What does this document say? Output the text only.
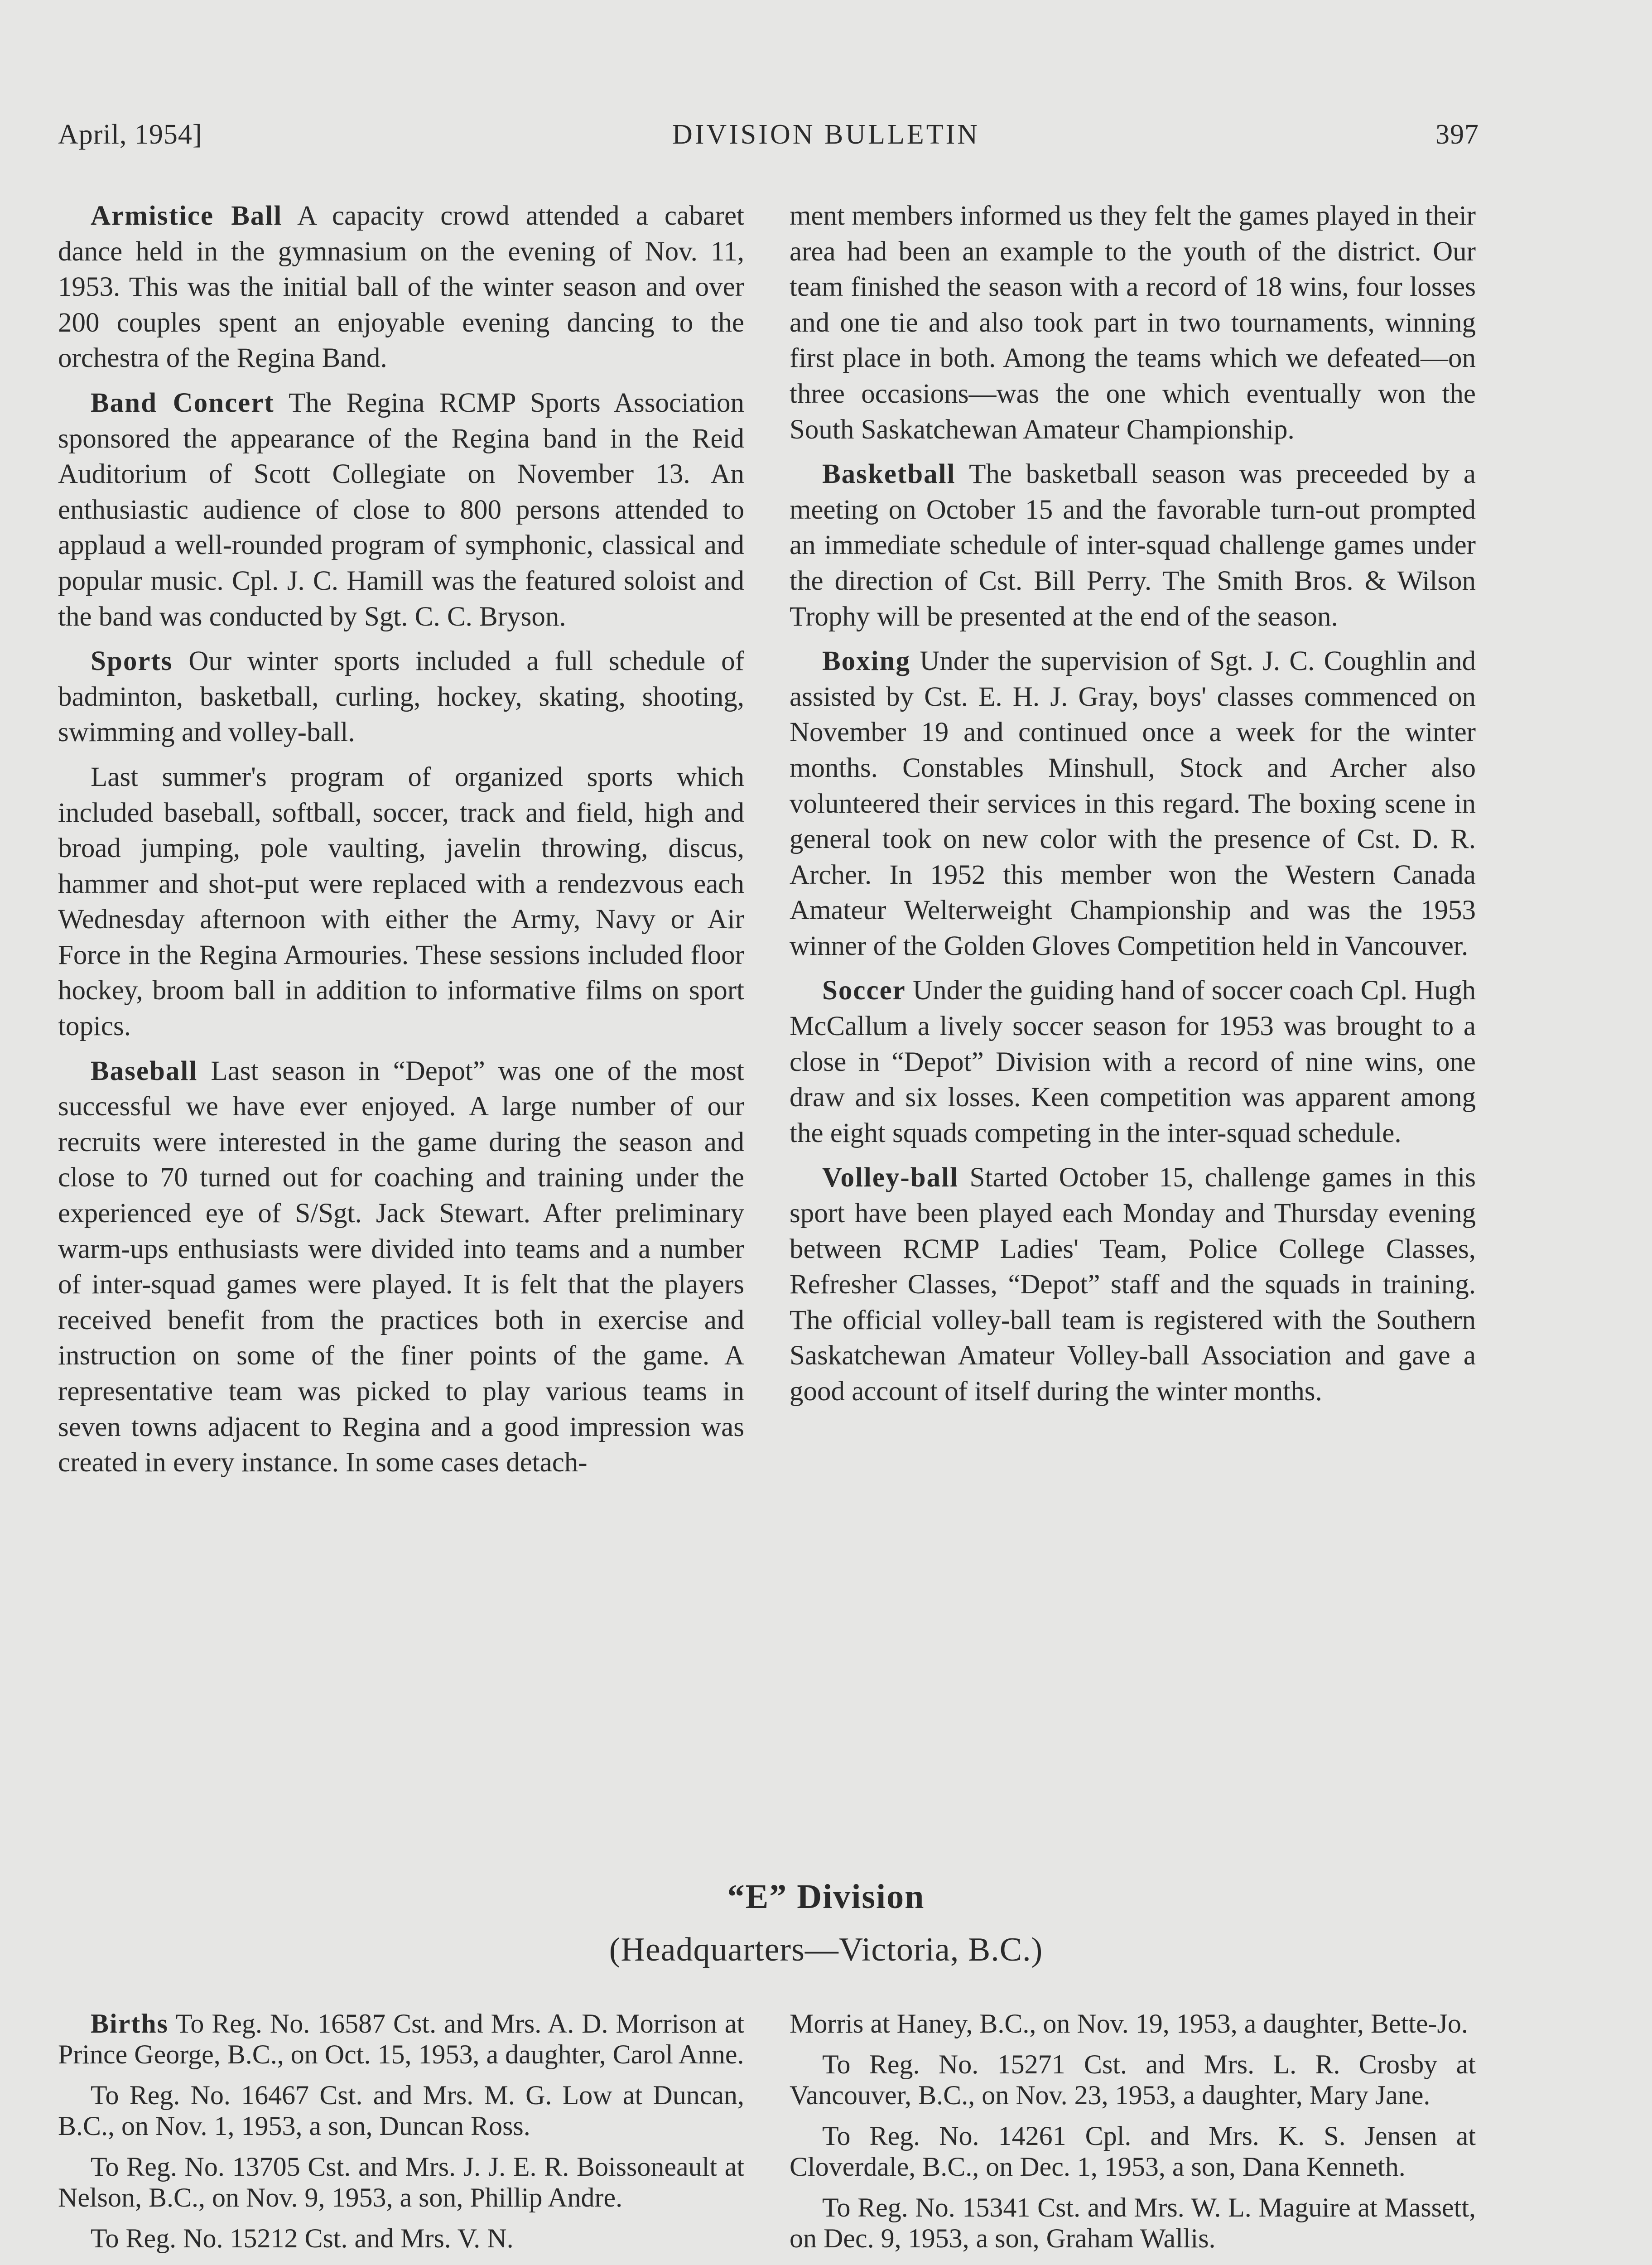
April, 1954]	DIVISION BULLETIN	397

Armistice Ball A capacity crowd attended a cabaret dance held in the gymnasium on the evening of Nov. 11, 1953. This was the initial ball of the winter season and over 200 couples spent an enjoyable evening dancing to the orchestra of the Regina Band.

Band Concert The Regina RCMP Sports Association sponsored the appearance of the Regina band in the Reid Auditorium of Scott Collegiate on November 13. An enthusiastic audience of close to 800 persons attended to applaud a well-rounded program of symphonic, classical and popular music. Cpl. J. C. Hamill was the featured soloist and the band was conducted by Sgt. C. C. Bryson.

Sports Our winter sports included a full schedule of badminton, basketball, curling, hockey, skating, shooting, swimming and volley-ball.

Last summer's program of organized sports which included baseball, softball, soccer, track and field, high and broad jumping, pole vaulting, javelin throwing, discus, hammer and shot-put were replaced with a rendezvous each Wednesday afternoon with either the Army, Navy or Air Force in the Regina Armouries. These sessions included floor hockey, broom ball in addition to informative films on sport topics.

Baseball Last season in “Depot” was one of the most successful we have ever enjoyed. A large number of our recruits were interested in the game during the season and close to 70 turned out for coaching and training under the experienced eye of S/Sgt. Jack Stewart. After preliminary warm-ups enthusiasts were divided into teams and a number of inter-squad games were played. It is felt that the players received benefit from the practices both in exercise and instruction on some of the finer points of the game. A representative team was picked to play various teams in seven towns adjacent to Regina and a good impression was created in every instance. In some cases detach-

ment members informed us they felt the games played in their area had been an example to the youth of the district. Our team finished the season with a record of 18 wins, four losses and one tie and also took part in two tournaments, winning first place in both. Among the teams which we defeated—on three occasions—was the one which eventually won the South Saskatchewan Amateur Championship.

Basketball The basketball season was preceeded by a meeting on October 15 and the favorable turn-out prompted an immediate schedule of inter-squad challenge games under the direction of Cst. Bill Perry. The Smith Bros. & Wilson Trophy will be presented at the end of the season.

Boxing Under the supervision of Sgt. J. C. Coughlin and assisted by Cst. E. H. J. Gray, boys' classes commenced on November 19 and continued once a week for the winter months. Constables Minshull, Stock and Archer also volunteered their services in this regard. The boxing scene in general took on new color with the presence of Cst. D. R. Archer. In 1952 this member won the Western Canada Amateur Welterweight Championship and was the 1953 winner of the Golden Gloves Competition held in Vancouver.

Soccer Under the guiding hand of soccer coach Cpl. Hugh McCallum a lively soccer season for 1953 was brought to a close in “Depot” Division with a record of nine wins, one draw and six losses. Keen competition was apparent among the eight squads competing in the inter-squad schedule.

Volley-ball Started October 15, challenge games in this sport have been played each Monday and Thursday evening between RCMP Ladies' Team, Police College Classes, Refresher Classes, “Depot” staff and the squads in training. The official volley-ball team is registered with the Southern Saskatchewan Amateur Volley-ball Association and gave a good account of itself during the winter months.

“E” Division
(Headquarters—Victoria, B.C.)

Births To Reg. No. 16587 Cst. and Mrs. A. D. Morrison at Prince George, B.C., on Oct. 15, 1953, a daughter, Carol Anne.

To Reg. No. 16467 Cst. and Mrs. M. G. Low at Duncan, B.C., on Nov. 1, 1953, a son, Duncan Ross.

To Reg. No. 13705 Cst. and Mrs. J. J. E. R. Boissoneault at Nelson, B.C., on Nov. 9, 1953, a son, Phillip Andre.

To Reg. No. 15212 Cst. and Mrs. V. N.

Morris at Haney, B.C., on Nov. 19, 1953, a daughter, Bette-Jo.

To Reg. No. 15271 Cst. and Mrs. L. R. Crosby at Vancouver, B.C., on Nov. 23, 1953, a daughter, Mary Jane.

To Reg. No. 14261 Cpl. and Mrs. K. S. Jensen at Cloverdale, B.C., on Dec. 1, 1953, a son, Dana Kenneth.

To Reg. No. 15341 Cst. and Mrs. W. L. Maguire at Massett, on Dec. 9, 1953, a son, Graham Wallis.
